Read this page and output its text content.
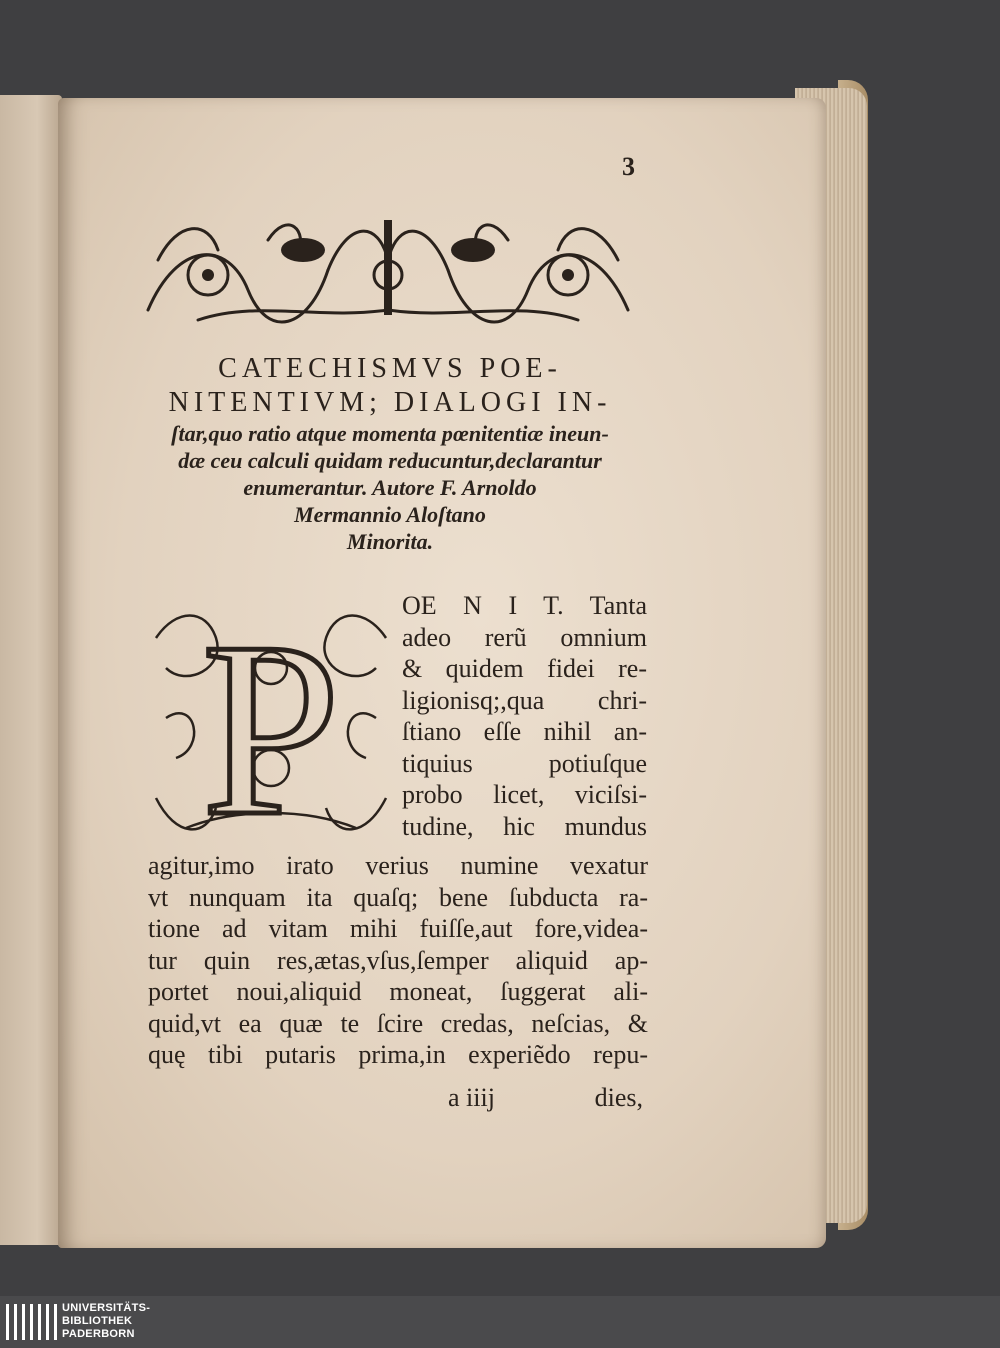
3
CATECHISMVS POE-
NITENTIVM; DIALOGI IN-
ſtar,quo ratio atque momenta pœnitentiæ ineun-
dæ ceu calculi quidam reducuntur,declarantur
enumerantur. Autore F. Arnoldo
Mermannio Aloſtano
Minorita.
P OE N I T. Tanta
adeo rerũ omnium
& quidem fidei re-
ligionisq;,qua chri-
ſtiano eſſe nihil an-
tiquius potiuſque
probo licet, viciſsi-
tudine, hic mundus
agitur,imo irato verius numine vexatur
vt nunquam ita quaſq; bene ſubducta ra-
tione ad vitam mihi fuiſſe,aut fore,videa-
tur quin res,ætas,vſus,ſemper aliquid ap-
portet noui,aliquid moneat, ſuggerat ali-
quid,vt ea quæ te ſcire credas, neſcias, &
quę tibi putaris prima,in experiẽdo repu-
a iiij	dies,
UNIVERSITÄTS-
BIBLIOTHEK
PADERBORN
